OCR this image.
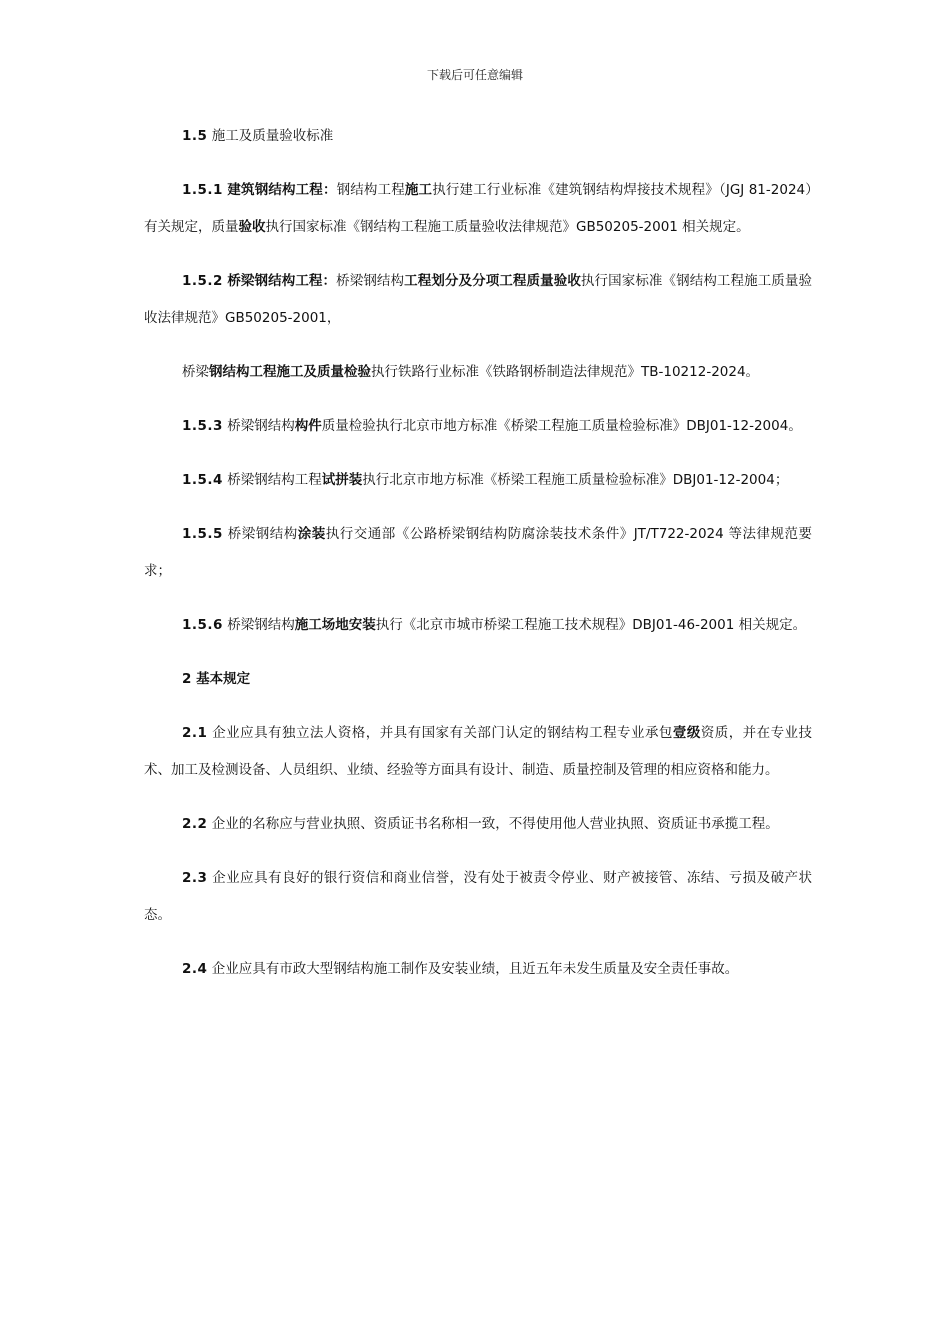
下载后可任意编辑

1.5 施工及质量验收标准

1.5.1 建筑钢结构工程：钢结构工程施工执行建工行业标准《建筑钢结构焊接技术规程》（JGJ 81-2024）有关规定，质量验收执行国家标准《钢结构工程施工质量验收法律规范》GB50205-2001 相关规定。

1.5.2 桥梁钢结构工程：桥梁钢结构工程划分及分项工程质量验收执行国家标准《钢结构工程施工质量验收法律规范》GB50205-2001，

桥梁钢结构工程施工及质量检验执行铁路行业标准《铁路钢桥制造法律规范》TB-10212-2024。

1.5.3 桥梁钢结构构件质量检验执行北京市地方标准《桥梁工程施工质量检验标准》DBJ01-12-2004。

1.5.4 桥梁钢结构工程试拼装执行北京市地方标准《桥梁工程施工质量检验标准》DBJ01-12-2004；

1.5.5 桥梁钢结构涂装执行交通部《公路桥梁钢结构防腐涂装技术条件》JT/T722-2024 等法律规范要求；

1.5.6 桥梁钢结构施工场地安装执行《北京市城市桥梁工程施工技术规程》DBJ01-46-2001 相关规定。

2 基本规定

2.1 企业应具有独立法人资格，并具有国家有关部门认定的钢结构工程专业承包壹级资质，并在专业技术、加工及检测设备、人员组织、业绩、经验等方面具有设计、制造、质量控制及管理的相应资格和能力。

2.2 企业的名称应与营业执照、资质证书名称相一致，不得使用他人营业执照、资质证书承揽工程。

2.3 企业应具有良好的银行资信和商业信誉，没有处于被责令停业、财产被接管、冻结、亏损及破产状态。

2.4 企业应具有市政大型钢结构施工制作及安装业绩，且近五年未发生质量及安全责任事故。
